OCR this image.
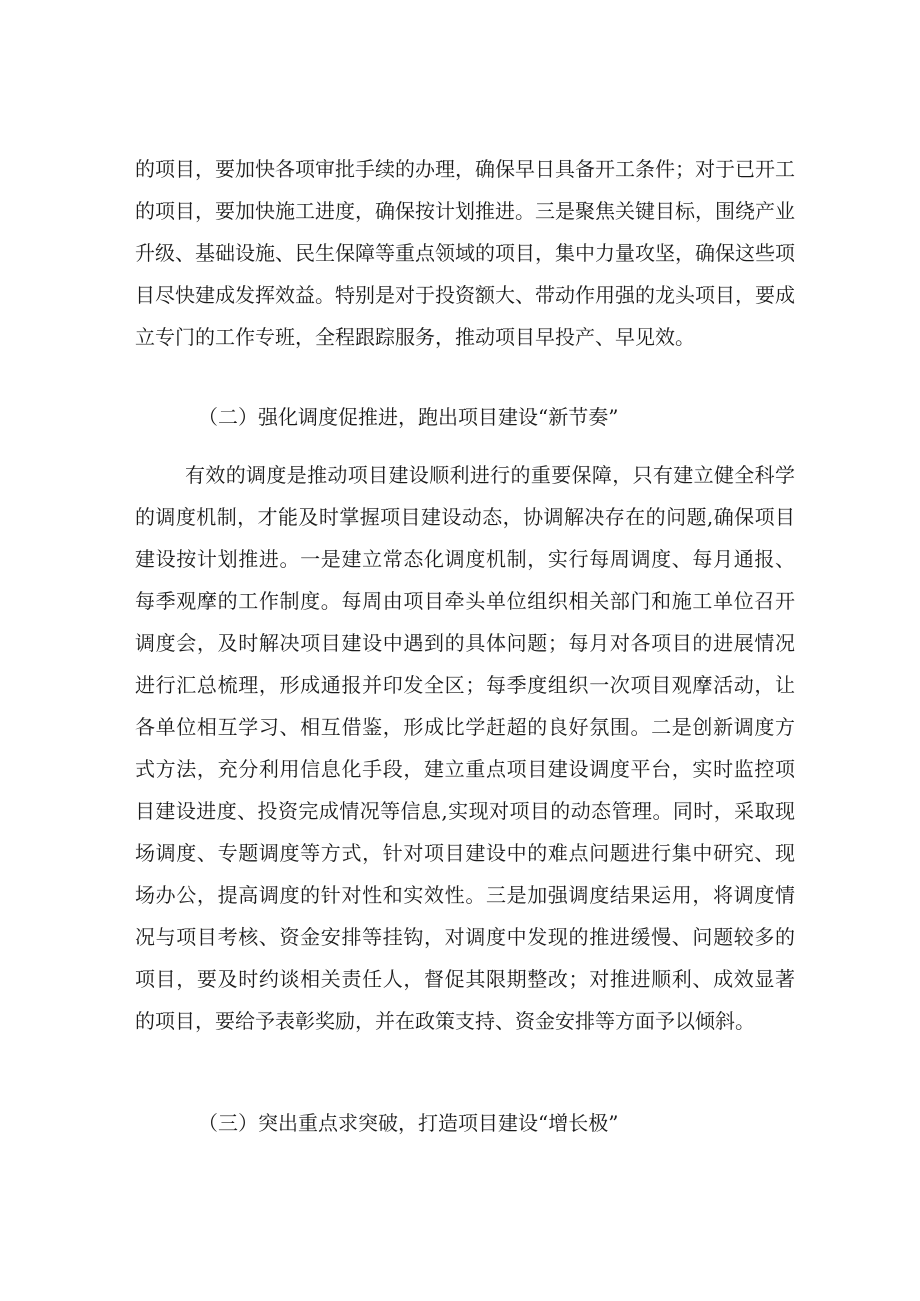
的项目，要加快各项审批手续的办理，确保早日具备开工条件；对于已开工
的项目，要加快施工进度，确保按计划推进。三是聚焦关键目标，围绕产业
升级、基础设施、民生保障等重点领域的项目，集中力量攻坚，确保这些项
目尽快建成发挥效益。特别是对于投资额大、带动作用强的龙头项目，要成
立专门的工作专班，全程跟踪服务，推动项目早投产、早见效。
（二）强化调度促推进，跑出项目建设“新节奏”
有效的调度是推动项目建设顺利进行的重要保障，只有建立健全科学
的调度机制，才能及时掌握项目建设动态，协调解决存在的问题,确保项目
建设按计划推进。一是建立常态化调度机制，实行每周调度、每月通报、
每季观摩的工作制度。每周由项目牵头单位组织相关部门和施工单位召开
调度会，及时解决项目建设中遇到的具体问题；每月对各项目的进展情况
进行汇总梳理，形成通报并印发全区；每季度组织一次项目观摩活动，让
各单位相互学习、相互借鉴，形成比学赶超的良好氛围。二是创新调度方
式方法，充分利用信息化手段，建立重点项目建设调度平台，实时监控项
目建设进度、投资完成情况等信息,实现对项目的动态管理。同时，采取现
场调度、专题调度等方式，针对项目建设中的难点问题进行集中研究、现
场办公，提高调度的针对性和实效性。三是加强调度结果运用，将调度情
况与项目考核、资金安排等挂钩，对调度中发现的推进缓慢、问题较多的
项目，要及时约谈相关责任人，督促其限期整改；对推进顺利、成效显著
的项目，要给予表彰奖励，并在政策支持、资金安排等方面予以倾斜。
（三）突出重点求突破，打造项目建设“增长极”
